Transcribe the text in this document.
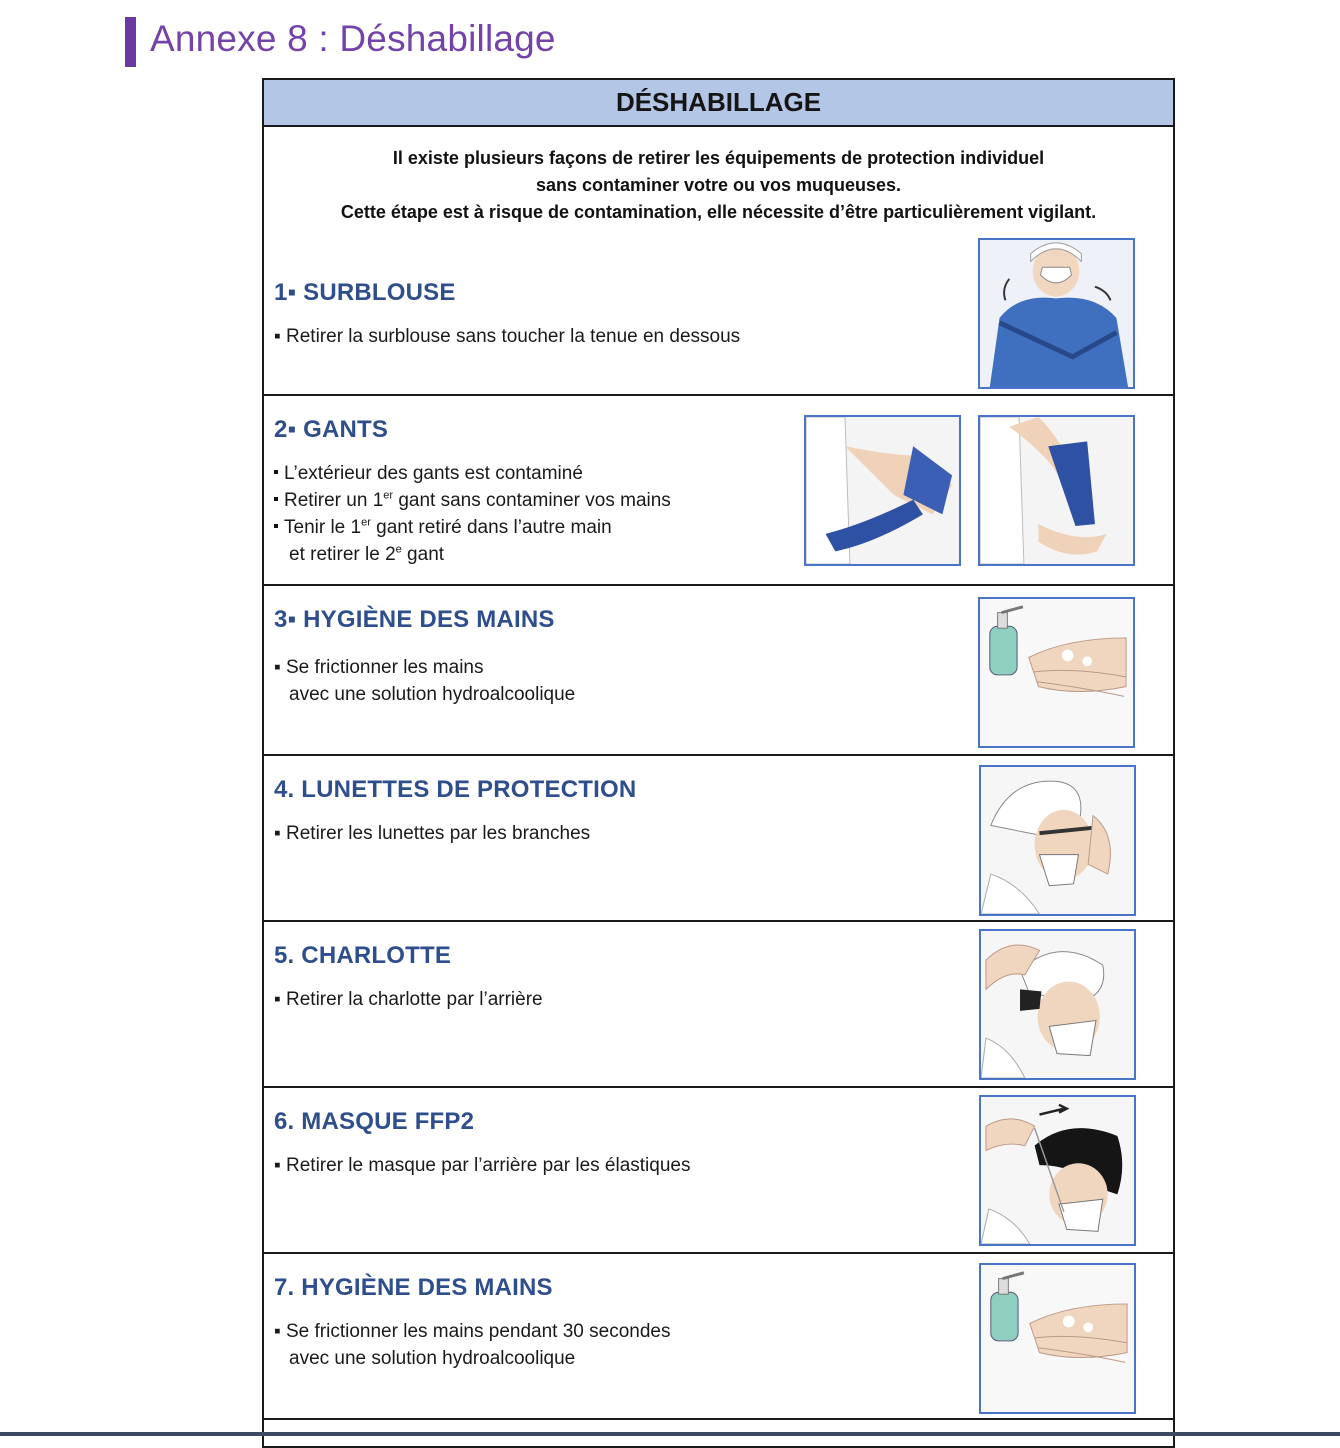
Annexe 8 : Déshabillage
DÉSHABILLAGE
Il existe plusieurs façons de retirer les équipements de protection individuel
sans contaminer votre ou vos muqueuses.
Cette étape est à risque de contamination, elle nécessite d’être particulièrement vigilant.
1▪ SURBLOUSE
▪ Retirer la surblouse sans toucher la tenue en dessous
2▪ GANTS
L’extérieur des gants est contaminé
Retirer un 1er gant sans contaminer vos mains
Tenir le 1er gant retiré dans l’autre main
et retirer le 2e gant
3▪ HYGIÈNE DES MAINS
▪ Se frictionner les mains
avec une solution hydroalcoolique
4. LUNETTES DE PROTECTION
▪ Retirer les lunettes par les branches
5. CHARLOTTE
▪ Retirer la charlotte par l’arrière
6. MASQUE FFP2
▪ Retirer le masque par l’arrière par les élastiques
7. HYGIÈNE DES MAINS
▪ Se frictionner les mains pendant 30 secondes
avec une solution hydroalcoolique
